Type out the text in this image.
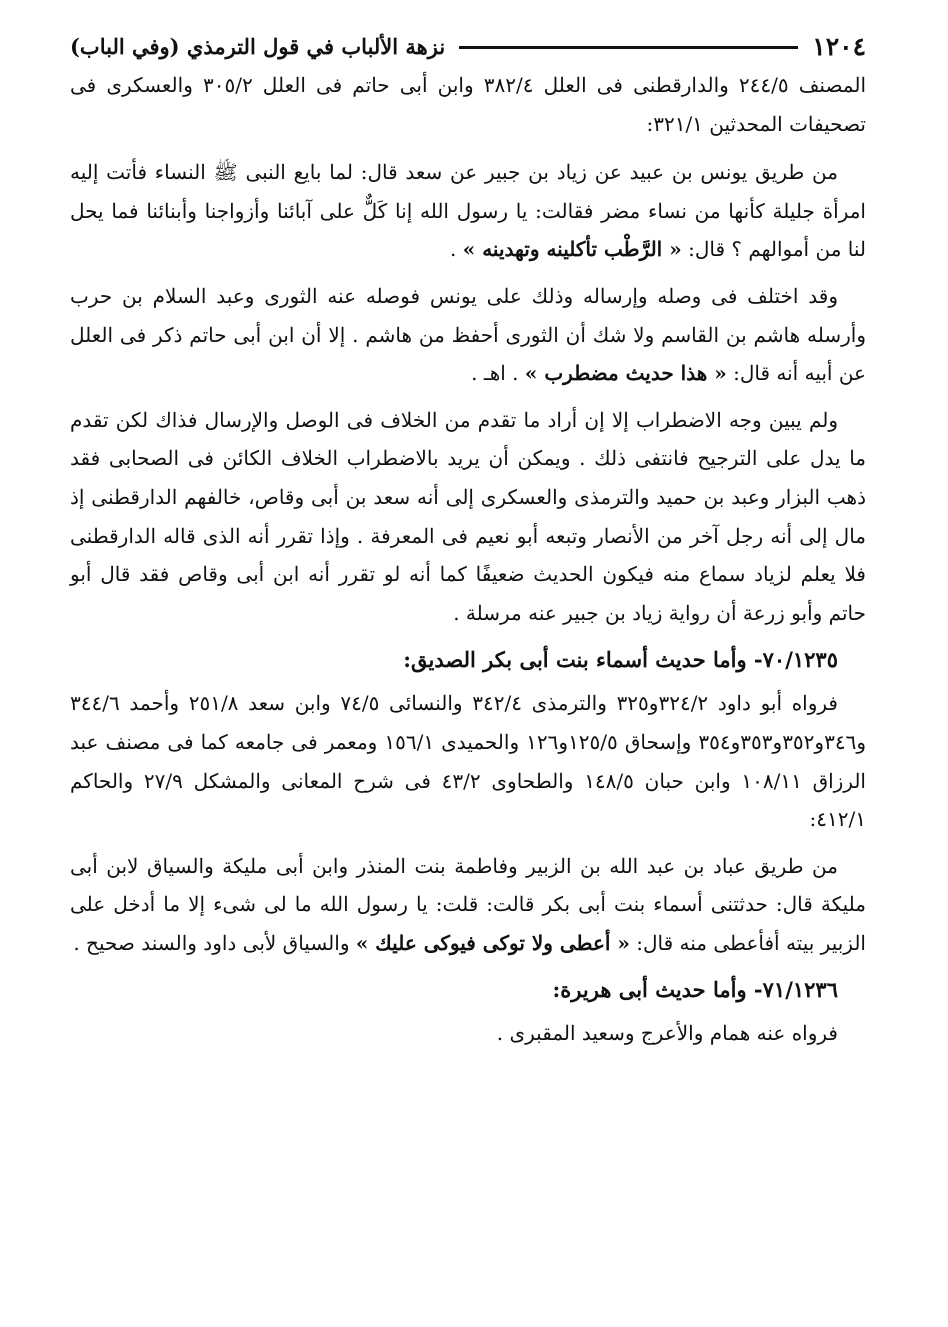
١٢٠٤
نزهة الألباب في قول الترمذي (وفي الباب)

المصنف ٢٤٤/٥ والدارقطنى فى العلل ٣٨٢/٤ وابن أبى حاتم فى العلل ٣٠٥/٢ والعسكرى فى تصحيفات المحدثين ٣٢١/١:

من طريق يونس بن عبيد عن زياد بن جبير عن سعد قال: لما بايع النبى ﷺ النساء فأتت إليه امرأة جليلة كأنها من نساء مضر فقالت: يا رسول الله إنا كَلٌّ على آبائنا وأزواجنا وأبنائنا فما يحل لنا من أموالهم ؟ قال: « الرَّطْب تأكلينه وتهدينه » .

وقد اختلف فى وصله وإرساله وذلك على يونس فوصله عنه الثورى وعبد السلام بن حرب وأرسله هاشم بن القاسم ولا شك أن الثورى أحفظ من هاشم . إلا أن ابن أبى حاتم ذكر فى العلل عن أبيه أنه قال: « هذا حديث مضطرب » . اهـ .

ولم يبين وجه الاضطراب إلا إن أراد ما تقدم من الخلاف فى الوصل والإرسال فذاك لكن تقدم ما يدل على الترجيح فانتفى ذلك . ويمكن أن يريد بالاضطراب الخلاف الكائن فى الصحابى فقد ذهب البزار وعبد بن حميد والترمذى والعسكرى إلى أنه سعد بن أبى وقاص، خالفهم الدارقطنى إذ مال إلى أنه رجل آخر من الأنصار وتبعه أبو نعيم فى المعرفة . وإذا تقرر أنه الذى قاله الدارقطنى فلا يعلم لزياد سماع منه فيكون الحديث ضعيفًا كما أنه لو تقرر أنه ابن أبى وقاص فقد قال أبو حاتم وأبو زرعة أن رواية زياد بن جبير عنه مرسلة .

٧٠/١٢٣٥- وأما حديث أسماء بنت أبى بكر الصديق:

فرواه أبو داود ٣٢٤/٢و٣٢٥ والترمذى ٣٤٢/٤ والنسائى ٧٤/٥ وابن سعد ٢٥١/٨ وأحمد ٣٤٤/٦ و٣٤٦و٣٥٢و٣٥٣و٣٥٤ وإسحاق ١٢٥/٥و١٢٦ والحميدى ١٥٦/١ ومعمر فى جامعه كما فى مصنف عبد الرزاق ١٠٨/١١ وابن حبان ١٤٨/٥ والطحاوى ٤٣/٢ فى شرح المعانى والمشكل ٢٧/٩ والحاكم ٤١٢/١:

من طريق عباد بن عبد الله بن الزبير وفاطمة بنت المنذر وابن أبى مليكة والسياق لابن أبى مليكة قال: حدثتنى أسماء بنت أبى بكر قالت: قلت: يا رسول الله ما لى شىء إلا ما أدخل على الزبير بيته أفأعطى منه قال: « أعطى ولا توكى فيوكى عليك » والسياق لأبى داود والسند صحيح .

٧١/١٢٣٦- وأما حديث أبى هريرة:

فرواه عنه همام والأعرج وسعيد المقبرى .
